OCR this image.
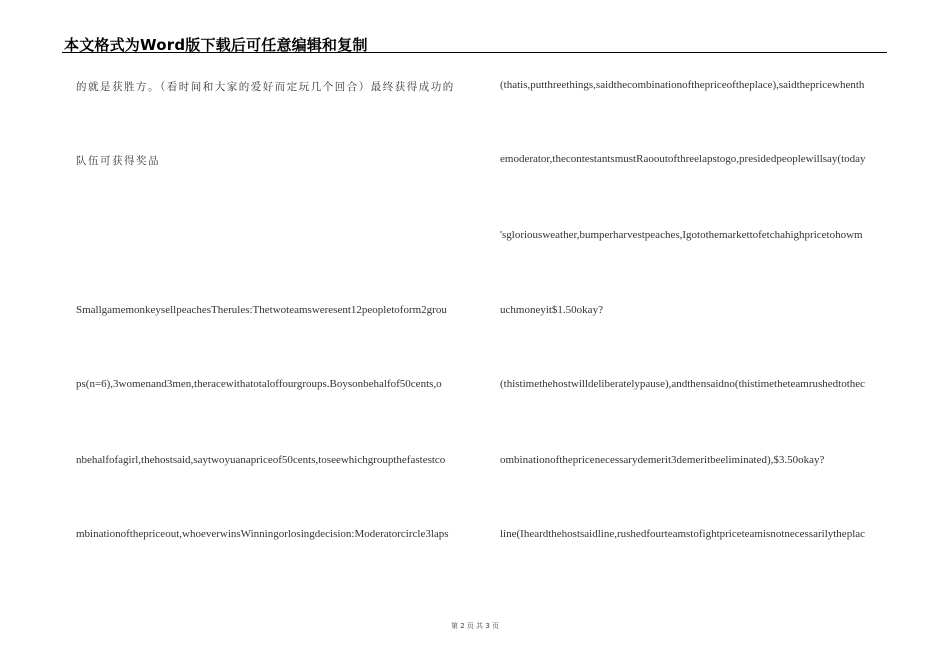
本文格式为Word版下载后可任意编辑和复制
的就是获胜方。（看时间和大家的爱好而定玩几个回合）最终获得成功的
队伍可获得奖品
SmallgamemonkeysellpeachesTherules:Thetwoteamsweresent12peopletoform2grou
ps(n=6),3womenand3men,theracewithatotaloffourgroups.Boysonbehalfof50cents,o
nbehalfofagirl,thehostsaid,saytwoyuanapriceof50cents,toseewhichgroupthefastestco
mbinationofthepriceout,whoeverwinsWinningorlosingdecision:Moderatorcircle3laps
(thatis,putthreethings,saidthecombinationofthepriceoftheplace),saidthepricewhenth
emoderator,thecontestantsmustRaooutofthreelapstogo,presidedpeoplewillsay(today
'sgloriousweather,bumperharvestpeaches,Igotothemarkettofetchahighpricetohowm
uchmoneyit$1.50okay?
(thistimethehostwilldeliberatelypause),andthensaidno(thistimetheteamrushedtothec
ombinationofthepricenecessarydemerit3demeritbeeliminated),$3.50okay?
line(Iheardthehostsaidline,rushedfourteamstofightpriceteamisnotnecessarilytheplac
第 2 页 共 3 页
